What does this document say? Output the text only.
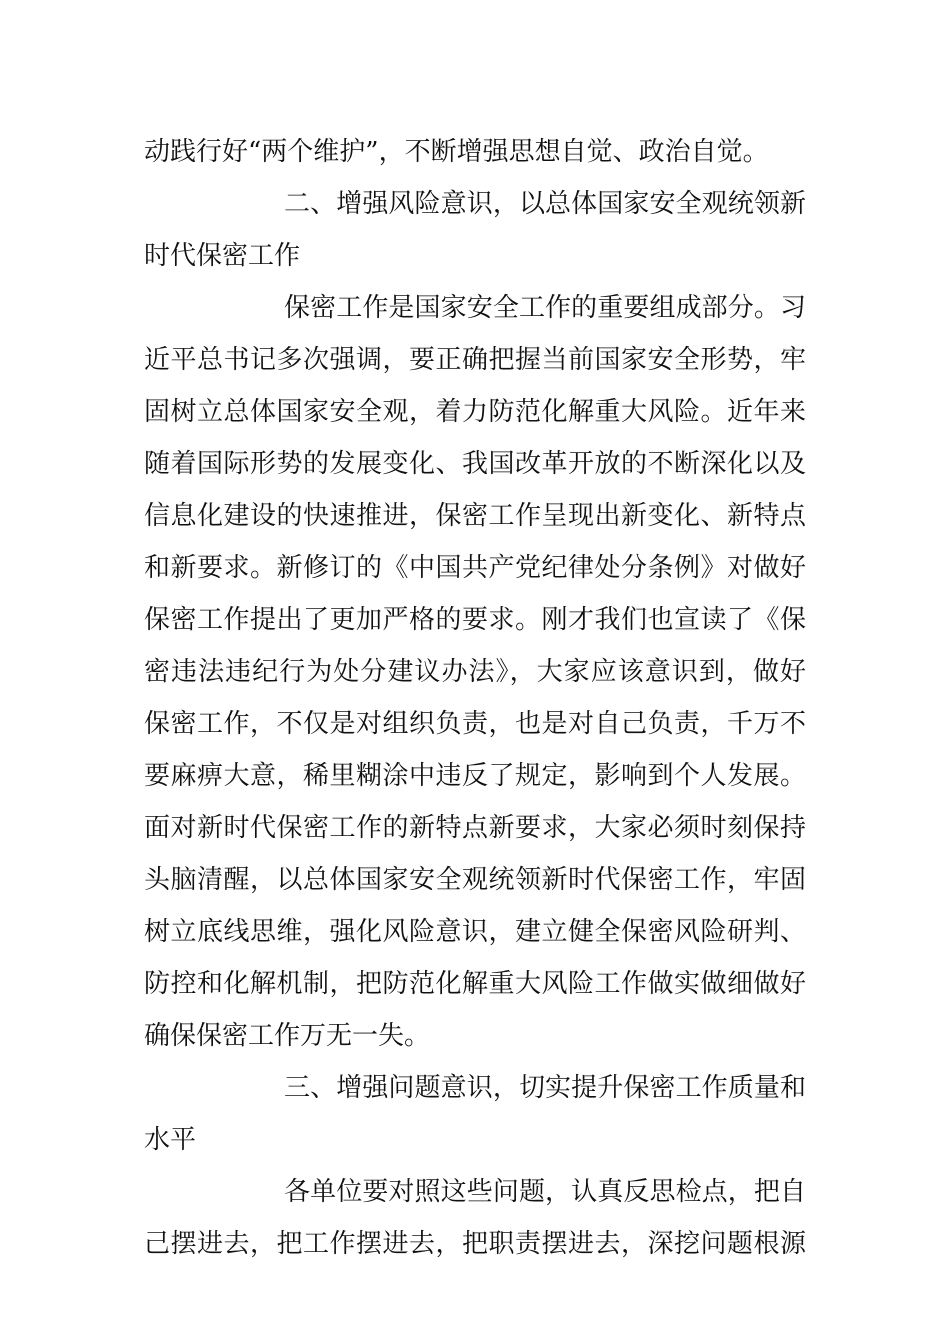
动践行好“两个维护”，不断增强思想自觉、政治自觉。
二、增强风险意识，以总体国家安全观统领新
时代保密工作
保密工作是国家安全工作的重要组成部分。习
近平总书记多次强调，要正确把握当前国家安全形势，牢
固树立总体国家安全观，着力防范化解重大风险。近年来
随着国际形势的发展变化、我国改革开放的不断深化以及
信息化建设的快速推进，保密工作呈现出新变化、新特点
和新要求。新修订的《中国共产党纪律处分条例》对做好
保密工作提出了更加严格的要求。刚才我们也宣读了《保
密违法违纪行为处分建议办法》，大家应该意识到，做好
保密工作，不仅是对组织负责，也是对自己负责，千万不
要麻痹大意，稀里糊涂中违反了规定，影响到个人发展。
面对新时代保密工作的新特点新要求，大家必须时刻保持
头脑清醒，以总体国家安全观统领新时代保密工作，牢固
树立底线思维，强化风险意识，建立健全保密风险研判、
防控和化解机制，把防范化解重大风险工作做实做细做好
确保保密工作万无一失。
三、增强问题意识，切实提升保密工作质量和
水平
各单位要对照这些问题，认真反思检点，把自
己摆进去，把工作摆进去，把职责摆进去，深挖问题根源
